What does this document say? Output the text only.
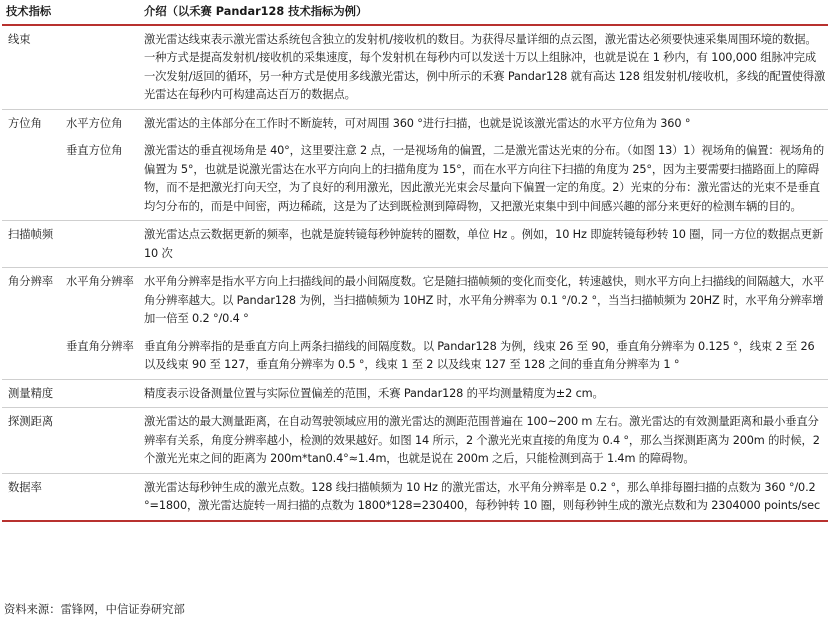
技术指标		介绍（以禾赛 Pandar128 技术指标为例）
线束		激光雷达线束表示激光雷达系统包含独立的发射机/接收机的数目。为获得尽量详细的点云图，激光雷达必须要快速采集周围环境的数据。一种方式是提高发射机/接收机的采集速度，每个发射机在每秒内可以发送十万以上组脉冲，也就是说在 1 秒内，有 100,000 组脉冲完成一次发射/返回的循环，另一种方式是使用多线激光雷达，例中所示的禾赛 Pandar128 就有高达 128 组发射机/接收机，多线的配置使得激光雷达在每秒内可构建高达百万的数据点。
方位角	水平方位角	激光雷达的主体部分在工作时不断旋转，可对周围 360 °进行扫描，也就是说该激光雷达的水平方位角为 360 °
	垂直方位角	激光雷达的垂直视场角是 40°，这里要注意 2 点，一是视场角的偏置，二是激光雷达光束的分布。（如图 13）1）视场角的偏置：视场角的偏置为 5°，也就是说激光雷达在水平方向向上的扫描角度为 15°，而在水平方向往下扫描的角度为 25°，因为主要需要扫描路面上的障碍物，而不是把激光打向天空，为了良好的利用激光，因此激光光束会尽量向下偏置一定的角度。2）光束的分布：激光雷达的光束不是垂直均匀分布的，而是中间密，两边稀疏，这是为了达到既检测到障碍物，又把激光束集中到中间感兴趣的部分来更好的检测车辆的目的。
扫描帧频		激光雷达点云数据更新的频率，也就是旋转镜每秒钟旋转的圈数，单位 Hz 。例如，10 Hz 即旋转镜每秒转 10 圈，同一方位的数据点更新 10 次
角分辨率	水平角分辨率	水平角分辨率是指水平方向上扫描线间的最小间隔度数。它是随扫描帧频的变化而变化，转速越快，则水平方向上扫描线的间隔越大，水平角分辨率越大。以 Pandar128 为例，当扫描帧频为 10HZ 时，水平角分辨率为 0.1 °/0.2 °，当当扫描帧频为 20HZ 时，水平角分辨率增加一倍至 0.2 °/0.4 °
	垂直角分辨率	垂直角分辨率指的是垂直方向上两条扫描线的间隔度数。以 Pandar128 为例，线束 26 至 90，垂直角分辨率为 0.125 °，线束 2 至 26 以及线束 90 至 127，垂直角分辨率为 0.5 °，线束 1 至 2 以及线束 127 至 128 之间的垂直角分辨率为 1 °
测量精度		精度表示设备测量位置与实际位置偏差的范围，禾赛 Pandar128 的平均测量精度为±2 cm。
探测距离		激光雷达的最大测量距离，在自动驾驶领域应用的激光雷达的测距范围普遍在 100~200 m 左右。激光雷达的有效测量距离和最小垂直分辨率有关系，角度分辨率越小，检测的效果越好。如图 14 所示，2 个激光光束直接的角度为 0.4 °，那么当探测距离为 200m 的时候，2 个激光光束之间的距离为 200m*tan0.4°≈1.4m，也就是说在 200m 之后，只能检测到高于 1.4m 的障碍物。
数据率		激光雷达每秒钟生成的激光点数。128 线扫描帧频为 10 Hz 的激光雷达，水平角分辨率是 0.2 °，那么单排每圈扫描的点数为 360 °/0.2 °=1800，激光雷达旋转一周扫描的点数为 1800*128=230400，每秒钟转 10 圈，则每秒钟生成的激光点数和为 2304000 points/sec
资料来源：雷锋网，中信证券研究部
